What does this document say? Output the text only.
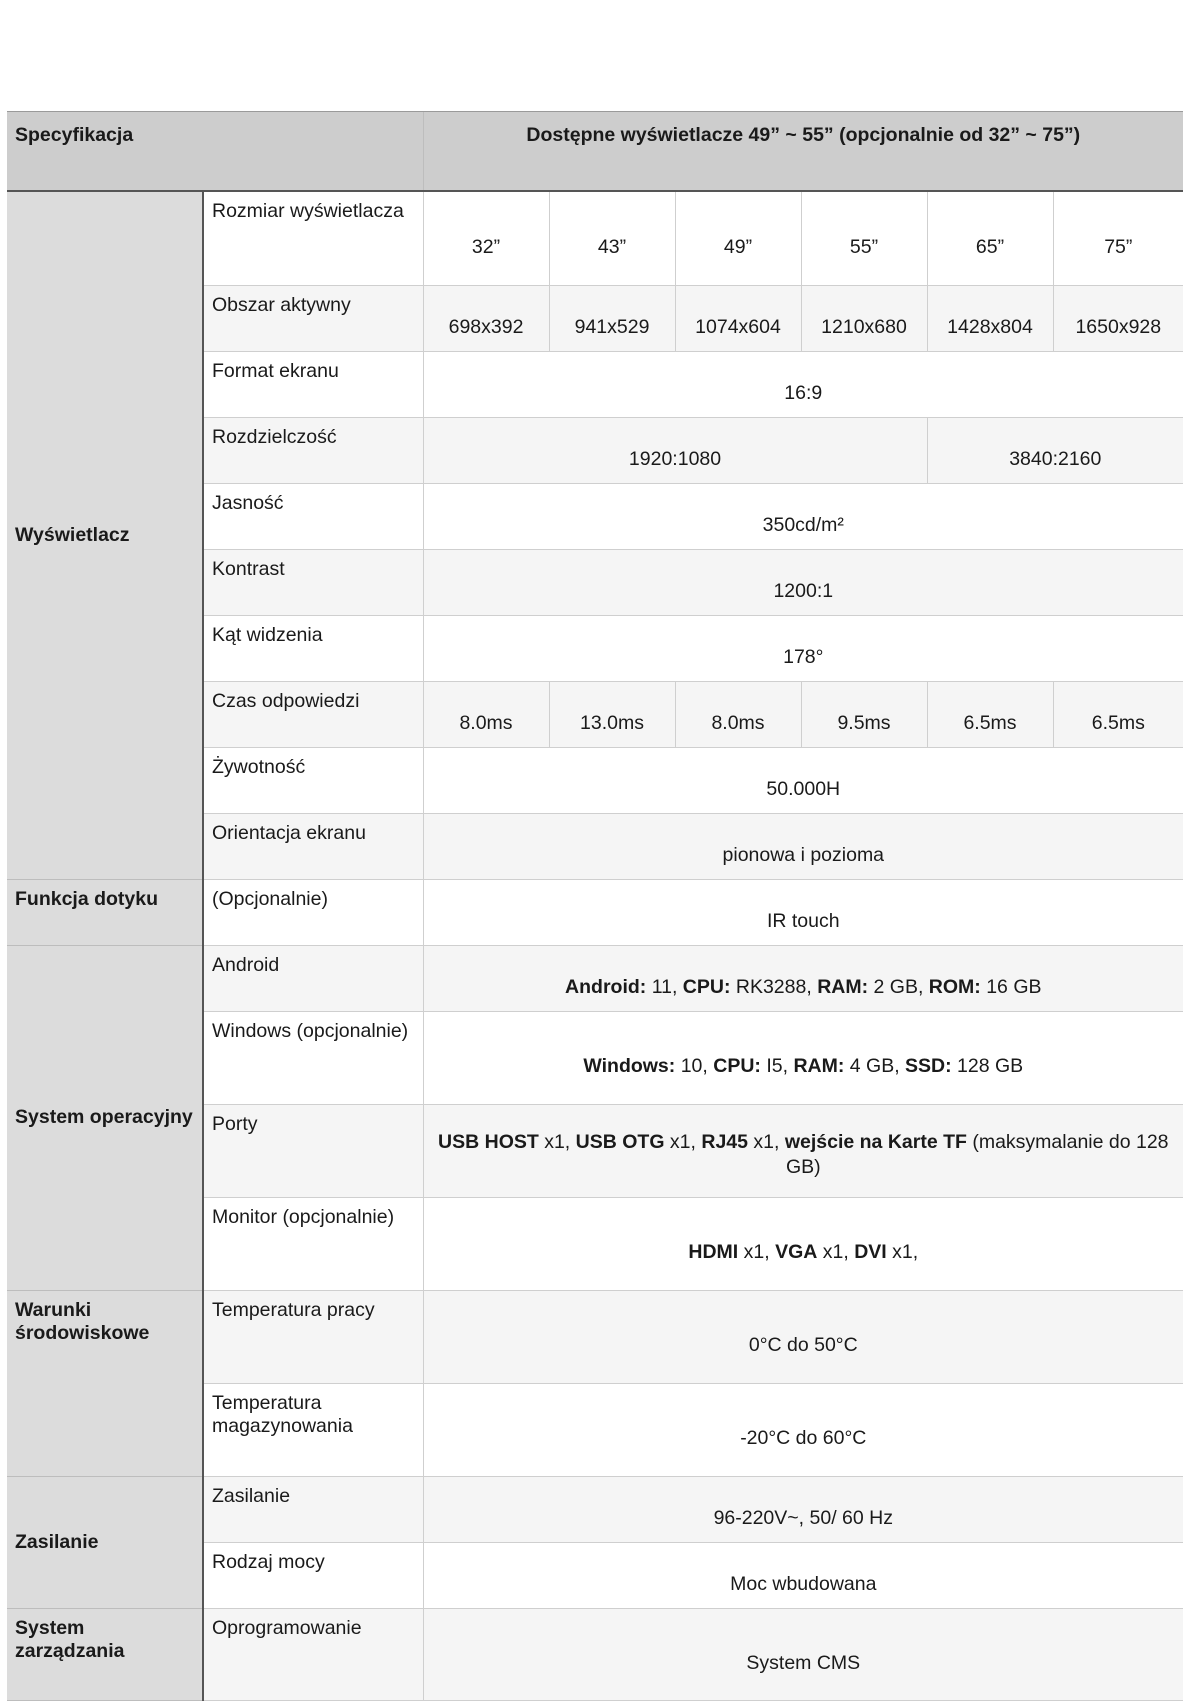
Specyfikacja		Dostępne wyświetlacze 49” ~ 55” (opcjonalnie od 32” ~ 75”)					
Wyświetlacz	Rozmiar wyświetlacza	32”	43”	49”	55”	65”	75”
	Obszar aktywny	698x392	941x529	1074x604	1210x680	1428x804	1650x928
	Format ekranu	16:9					
	Rozdzielczość	1920:1080				3840:2160	
	Jasność	350cd/m²					
	Kontrast	1200:1					
	Kąt widzenia	178°					
	Czas odpowiedzi	8.0ms	13.0ms	8.0ms	9.5ms	6.5ms	6.5ms
	Żywotność	50.000H					
	Orientacja ekranu	pionowa i pozioma					
Funkcja dotyku	(Opcjonalnie)	IR touch					
System operacyjny	Android	Android: 11, CPU: RK3288, RAM: 2 GB, ROM: 16 GB					
	Windows (opcjonalnie)	Windows: 10, CPU: I5, RAM: 4 GB, SSD: 128 GB					
	Porty	USB HOST x1, USB OTG x1, RJ45 x1, wejście na Karte TF (maksymalanie do 128 GB)					
	Monitor (opcjonalnie)	HDMI x1, VGA x1, DVI x1,					
Warunki środowiskowe	Temperatura pracy	0°C do 50°C					
	Temperatura magazynowania	-20°C do 60°C					
Zasilanie	Zasilanie	96-220V~, 50/ 60 Hz					
	Rodzaj mocy	Moc wbudowana					
System zarządzania	Oprogramowanie	System CMS					
